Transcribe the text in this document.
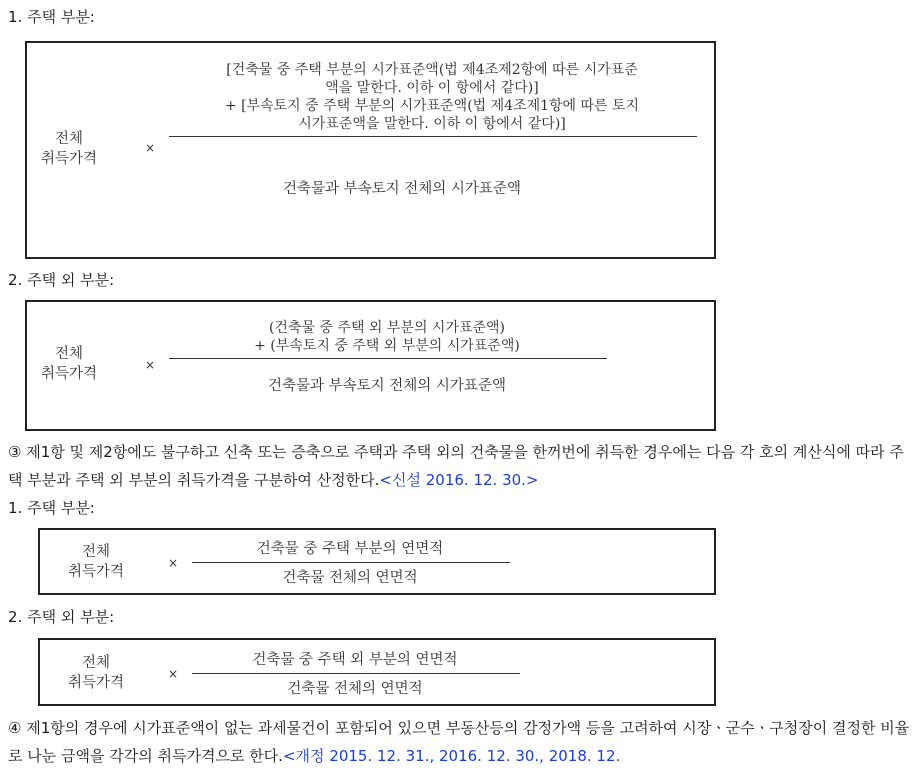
1. 주택 부분:
전체
취득가격
×
[건축물 중 주택 부분의 시가표준액(법 제4조제2항에 따른 시가표준
액을 말한다. 이하 이 항에서 같다)]
+ [부속토지 중 주택 부분의 시가표준액(법 제4조제1항에 따른 토지
시가표준액을 말한다. 이하 이 항에서 같다)]
건축물과 부속토지 전체의 시가표준액
2. 주택 외 부분:
전체
취득가격
×
(건축물 중 주택 외 부분의 시가표준액)
+ (부속토지 중 주택 외 부분의 시가표준액)
건축물과 부속토지 전체의 시가표준액
③ 제1항 및 제2항에도 불구하고 신축 또는 증축으로 주택과 주택 외의 건축물을 한꺼번에 취득한 경우에는 다음 각 호의 계산식에 따라 주택 부분과 주택 외 부분의 취득가격을 구분하여 산정한다.<신설 2016. 12. 30.>
1. 주택 부분:
전체
취득가격
×
건축물 중 주택 부분의 연면적
건축물 전체의 연면적
2. 주택 외 부분:
전체
취득가격
×
건축물 중 주택 외 부분의 연면적
건축물 전체의 연면적
④ 제1항의 경우에 시가표준액이 없는 과세물건이 포함되어 있으면 부동산등의 감정가액 등을 고려하여 시장ㆍ군수ㆍ구청장이 결정한 비율로 나눈 금액을 각각의 취득가격으로 한다.<개정 2015. 12. 31., 2016. 12. 30., 2018. 12.
